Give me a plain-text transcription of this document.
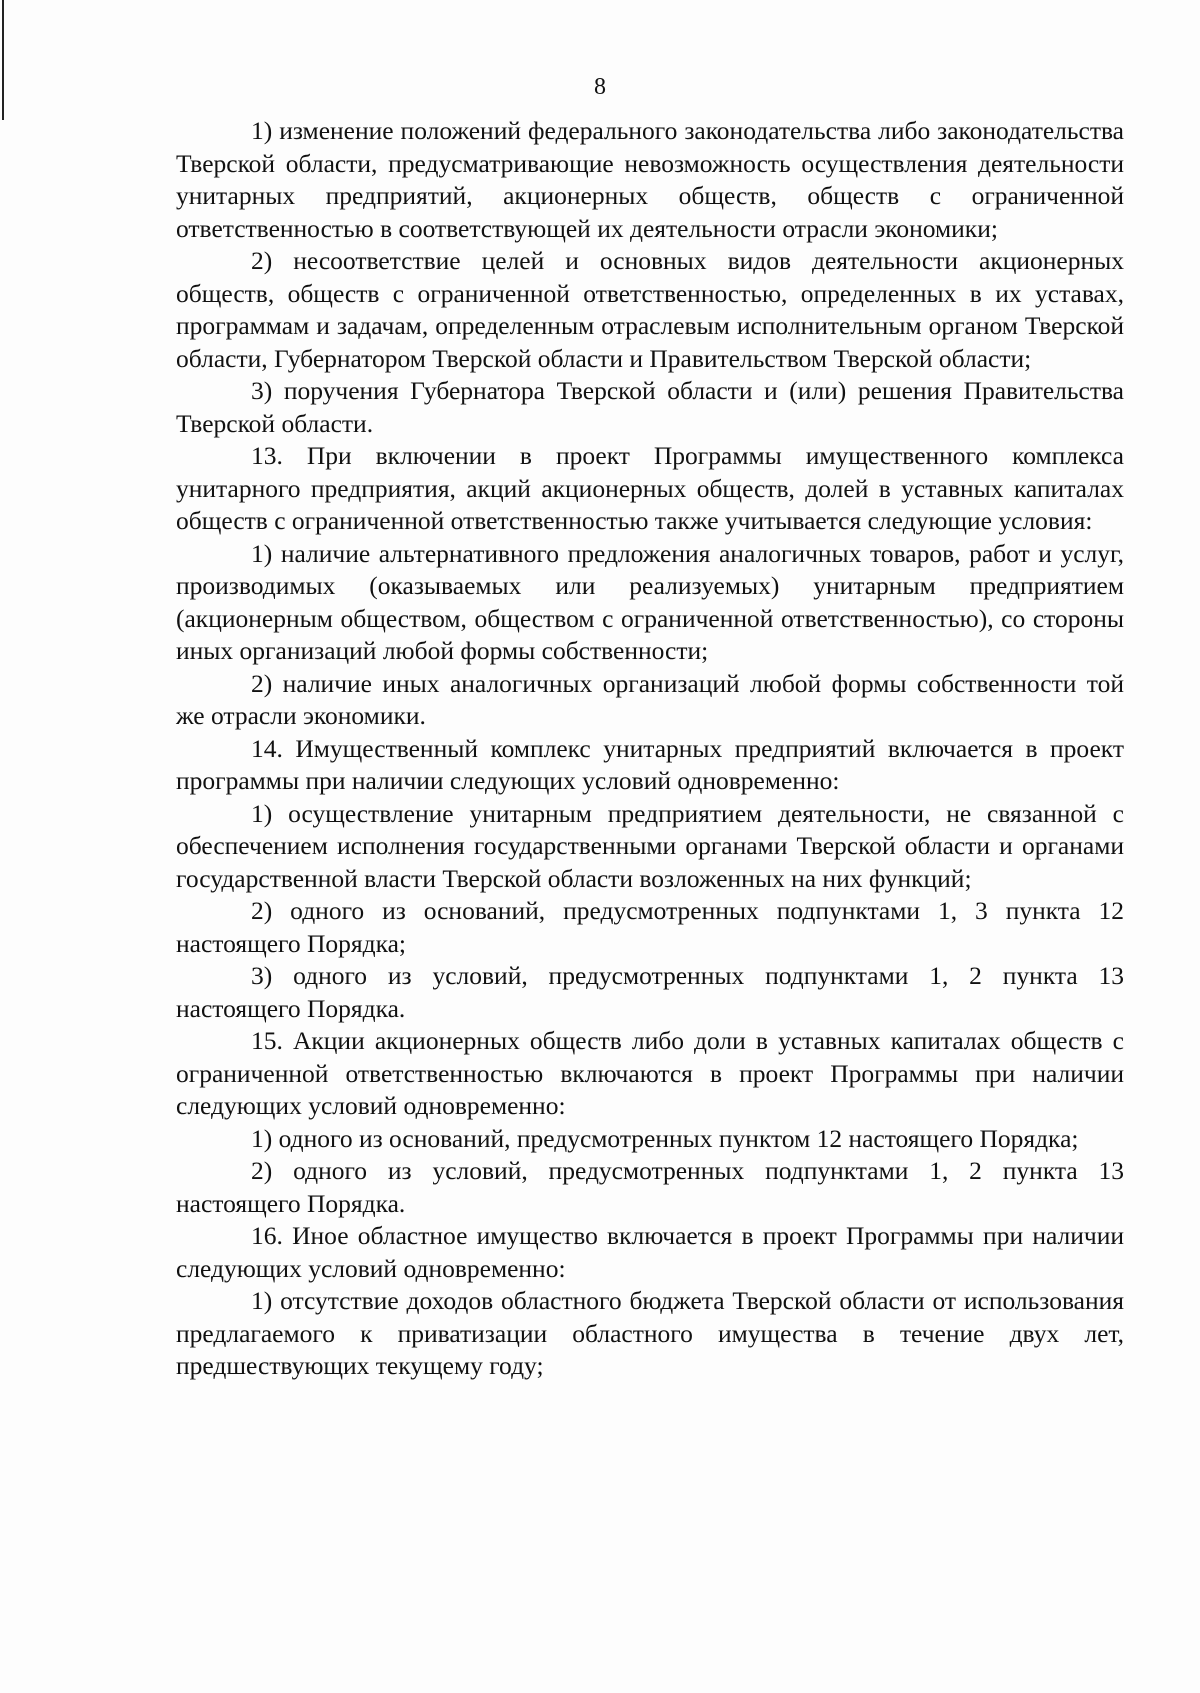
8

1) изменение положений федерального законодательства либо законодательства Тверской области, предусматривающие невозможность осуществления деятельности унитарных предприятий, акционерных обществ, обществ с ограниченной ответственностью в соответствующей их деятельности отрасли экономики;

2) несоответствие целей и основных видов деятельности акционерных обществ, обществ с ограниченной ответственностью, определенных в их уставах, программам и задачам, определенным отраслевым исполнительным органом Тверской области, Губернатором Тверской области и Правительством Тверской области;

3) поручения Губернатора Тверской области и (или) решения Правительства Тверской области.

13. При включении в проект Программы имущественного комплекса унитарного предприятия, акций акционерных обществ, долей в уставных капиталах обществ с ограниченной ответственностью также учитывается следующие условия:

1) наличие альтернативного предложения аналогичных товаров, работ и услуг, производимых (оказываемых или реализуемых) унитарным предприятием (акционерным обществом, обществом с ограниченной ответственностью), со стороны иных организаций любой формы собственности;

2) наличие иных аналогичных организаций любой формы собственности той же отрасли экономики.

14. Имущественный комплекс унитарных предприятий включается в проект программы при наличии следующих условий одновременно:

1) осуществление унитарным предприятием деятельности, не связанной с обеспечением исполнения государственными органами Тверской области и органами государственной власти Тверской области возложенных на них функций;

2) одного из оснований, предусмотренных подпунктами 1, 3 пункта 12 настоящего Порядка;

3) одного из условий, предусмотренных подпунктами 1, 2 пункта 13 настоящего Порядка.

15. Акции акционерных обществ либо доли в уставных капиталах обществ с ограниченной ответственностью включаются в проект Программы при наличии следующих условий одновременно:

1) одного из оснований, предусмотренных пунктом 12 настоящего Порядка;

2) одного из условий, предусмотренных подпунктами 1, 2 пункта 13 настоящего Порядка.

16. Иное областное имущество включается в проект Программы при наличии следующих условий одновременно:

1) отсутствие доходов областного бюджета Тверской области от использования предлагаемого к приватизации областного имущества в течение двух лет, предшествующих текущему году;
